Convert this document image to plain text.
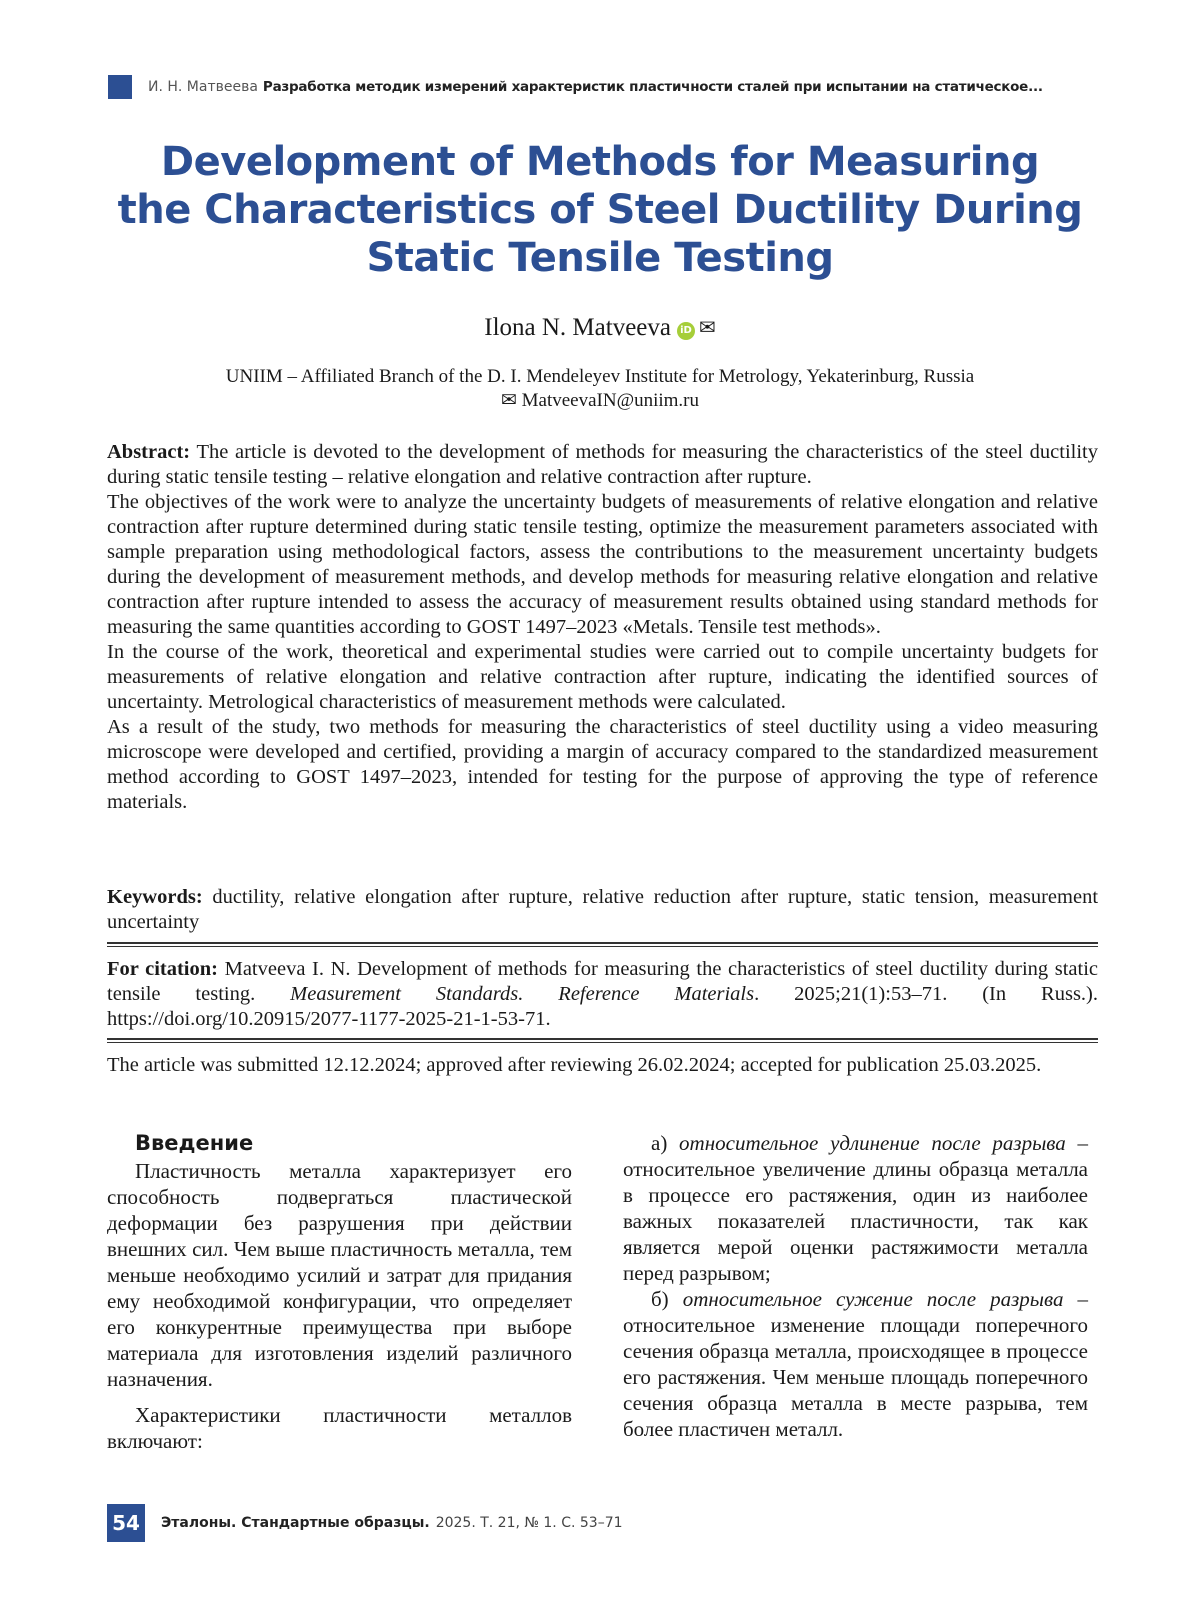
И. Н. Матвеева Разработка методик измерений характеристик пластичности сталей при испытании на статическое...
Development of Methods for Measuring
the Characteristics of Steel Ductility During
Static Tensile Testing
Ilona N. Matveeva iD ✉
UNIIM – Affiliated Branch of the D. I. Mendeleyev Institute for Metrology, Yekaterinburg, Russia
✉ MatveevaIN@uniim.ru

Abstract: The article is devoted to the development of methods for measuring the characteristics of the steel ductility during static tensile testing – relative elongation and relative contraction after rupture.

The objectives of the work were to analyze the uncertainty budgets of measurements of relative elongation and relative contraction after rupture determined during static tensile testing, optimize the measurement parameters associated with sample preparation using methodological factors, assess the contributions to the measurement uncertainty budgets during the development of measurement methods, and develop methods for measuring relative elongation and relative contraction after rupture intended to assess the accuracy of measurement results obtained using standard methods for measuring the same quantities according to GOST 1497–2023 «Metals. Tensile test methods».

In the course of the work, theoretical and experimental studies were carried out to compile uncertainty budgets for measurements of relative elongation and relative contraction after rupture, indicating the identified sources of uncertainty. Metrological characteristics of measurement methods were calculated.

As a result of the study, two methods for measuring the characteristics of steel ductility using a video measuring microscope were developed and certified, providing a margin of accuracy compared to the standardized measurement method according to GOST 1497–2023, intended for testing for the purpose of approving the type of reference materials.

Keywords: ductility, relative elongation after rupture, relative reduction after rupture, static tension, measurement uncertainty

For citation: Matveeva I. N. Development of methods for measuring the characteristics of steel ductility during static tensile testing. Measurement Standards. Reference Materials. 2025;21(1):53–71. (In Russ.). https://doi.org/10.20915/2077-1177-2025-21-1-53-71.

The article was submitted 12.12.2024; approved after reviewing 26.02.2024; accepted for publication 25.03.2025.

Введение

Пластичность металла характеризует его способность подвергаться пластической деформации без разрушения при действии внешних сил. Чем выше пластичность металла, тем меньше необходимо усилий и затрат для придания ему необходимой конфигурации, что определяет его конкурентные преимущества при выборе материала для изготовления изделий различного назначения.

Характеристики пластичности металлов включают:

а) относительное удлинение после разрыва – относительное увеличение длины образца металла в процессе его растяжения, один из наиболее важных показателей пластичности, так как является мерой оценки растяжимости металла перед разрывом;

б) относительное сужение после разрыва – относительное изменение площади поперечного сечения образца металла, происходящее в процессе его растяжения. Чем меньше площадь поперечного сечения образца металла в месте разрыва, тем более пластичен металл.

54	Эталоны. Стандартные образцы. 2025. Т. 21, № 1. С. 53–71
